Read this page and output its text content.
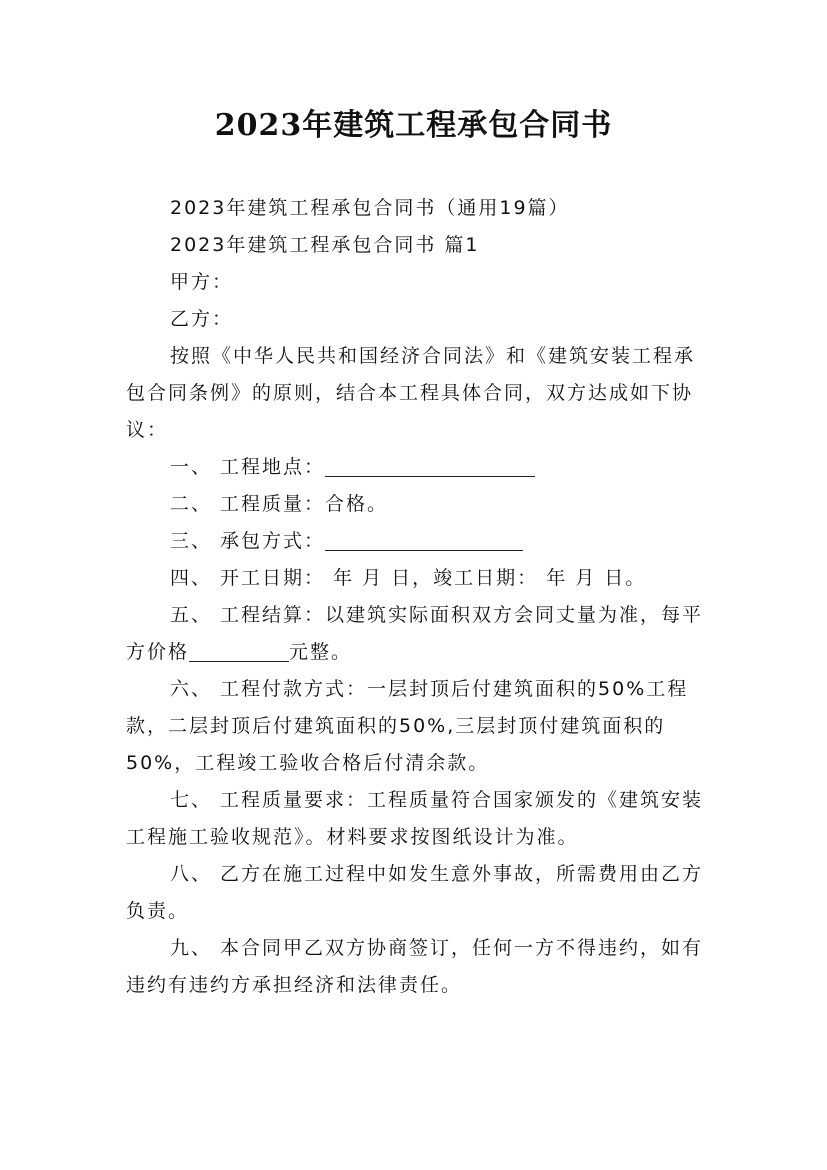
2023年建筑工程承包合同书

2023年建筑工程承包合同书（通用19篇）

2023年建筑工程承包合同书 篇1

甲方：

乙方：

按照《中华人民共和国经济合同法》和《建筑安装工程承包合同条例》的原则，结合本工程具体合同，双方达成如下协议：

一、 工程地点：

二、 工程质量：合格。

三、 承包方式：

四、 开工日期： 年 月 日，竣工日期： 年 月 日。

五、 工程结算：以建筑实际面积双方会同丈量为准，每平方价格	元整。

六、 工程付款方式：一层封顶后付建筑面积的50%工程款，二层封顶后付建筑面积的50%,三层封顶付建筑面积的50%，工程竣工验收合格后付清余款。

七、 工程质量要求：工程质量符合国家颁发的《建筑安装工程施工验收规范》。材料要求按图纸设计为准。

八、 乙方在施工过程中如发生意外事故，所需费用由乙方负责。

九、 本合同甲乙双方协商签订，任何一方不得违约，如有违约有违约方承担经济和法律责任。
